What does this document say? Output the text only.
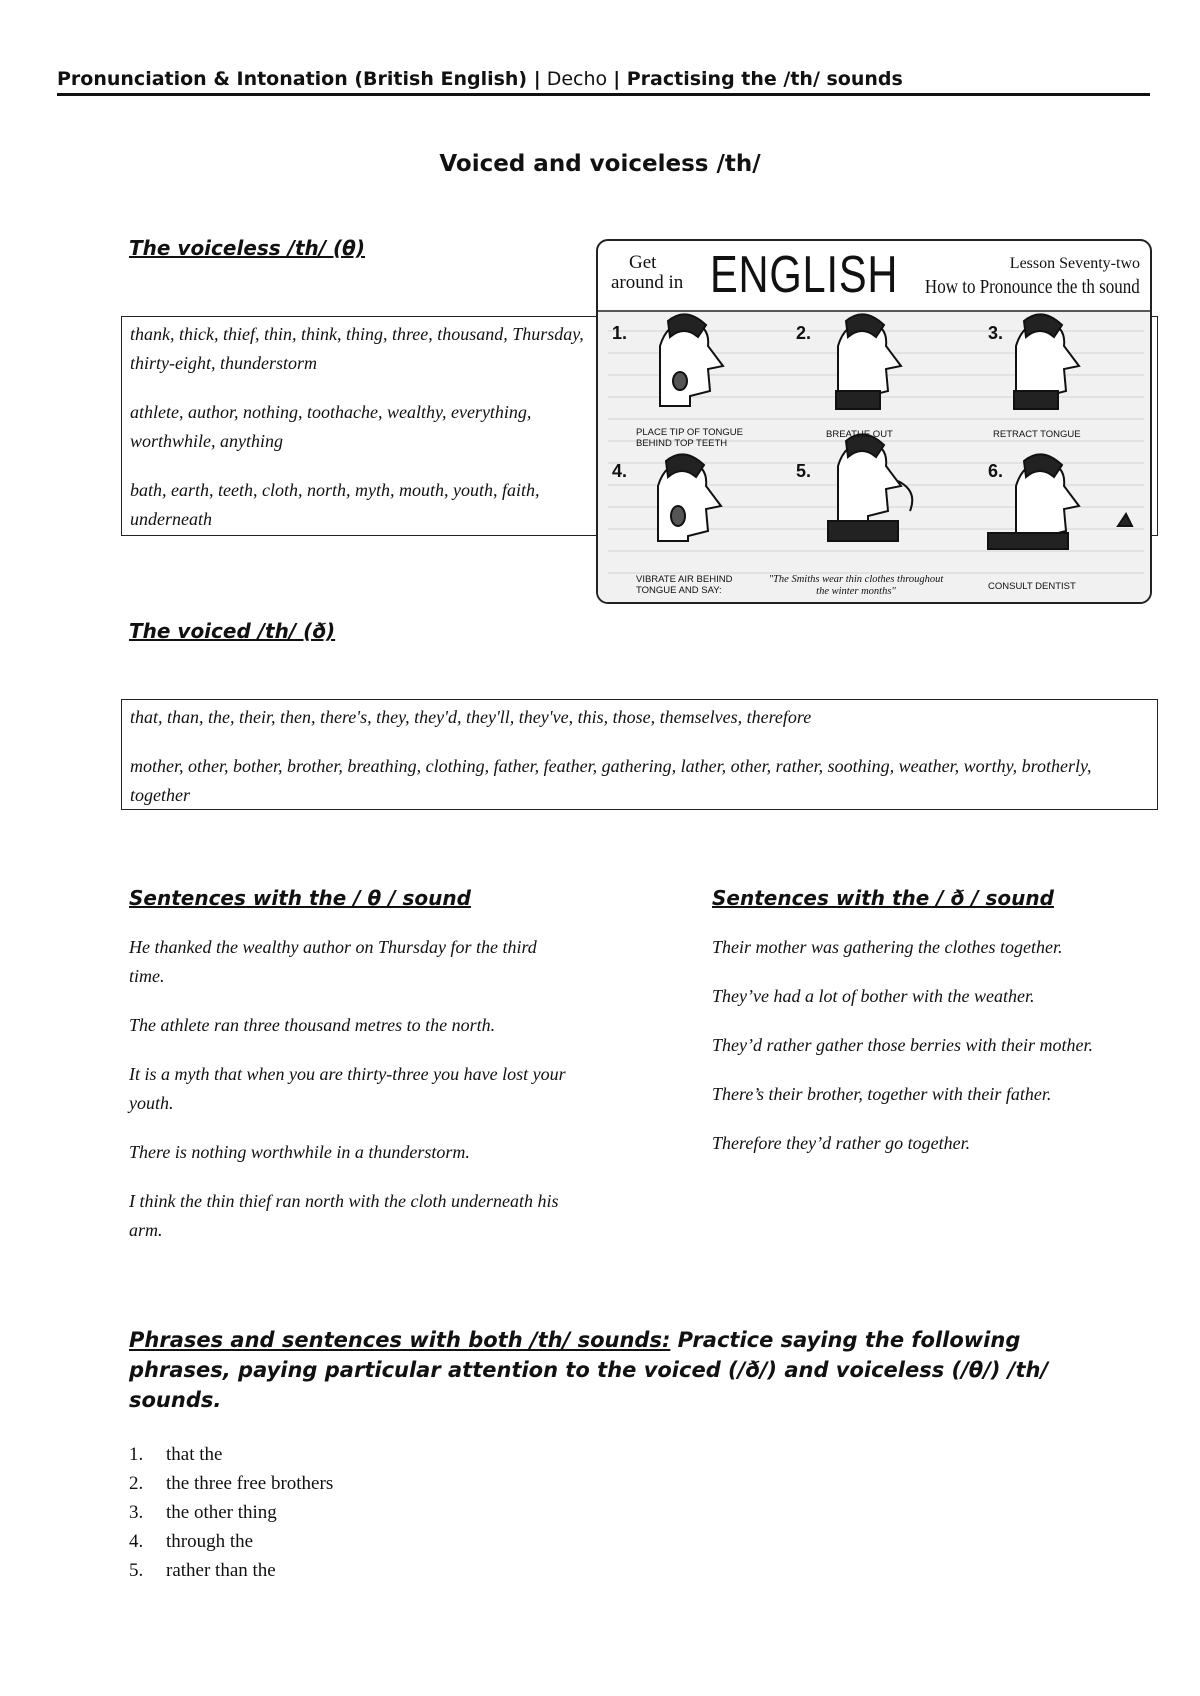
Pronunciation & Intonation (British English) | Decho | Practising the /th/ sounds
Voiced and voiceless /th/
The voiceless /th/ (θ)

thank, thick, thief, thin, think, thing, three, thousand, Thursday, thirty-eight, thunderstorm

athlete, author, nothing, toothache, wealthy, everything, worthwhile, anything

bath, earth, teeth, cloth, north, myth, mouth, youth, faith, underneath

Get
around in ENGLISH	Lesson Seventy-two
How to Pronounce the th sound
1.	2.	3.
4.	5.	6.
PLACE TIP OF TONGUE BEHIND TOP TEETH
BREATHE OUT	RETRACT TONGUE
VIBRATE AIR BEHIND TONGUE AND SAY:
"The Smiths wear thin clothes throughout the winter months"	CONSULT DENTIST
The voiced /th/ (ð)

that, than, the, their, then, there's, they, they'd, they'll, they've, this, those, themselves, therefore

mother, other, bother, brother, breathing, clothing, father, feather, gathering, lather, other, rather, soothing, weather, worthy, brotherly, together

Sentences with the / θ / sound

He thanked the wealthy author on Thursday for the third time.

The athlete ran three thousand metres to the north.

It is a myth that when you are thirty-three you have lost your youth.

There is nothing worthwhile in a thunderstorm.

I think the thin thief ran north with the cloth underneath his arm.

Sentences with the / ð / sound

Their mother was gathering the clothes together.

They’ve had a lot of bother with the weather.

They’d rather gather those berries with their mother.

There’s their brother, together with their father.

Therefore they’d rather go together.

Phrases and sentences with both /th/ sounds: Practice saying the following phrases, paying particular attention to the voiced (/ð/) and voiceless (/θ/) /th/ sounds.
1.	that the
2.	the three free brothers
3.	the other thing
4.	through the
5.	rather than the
